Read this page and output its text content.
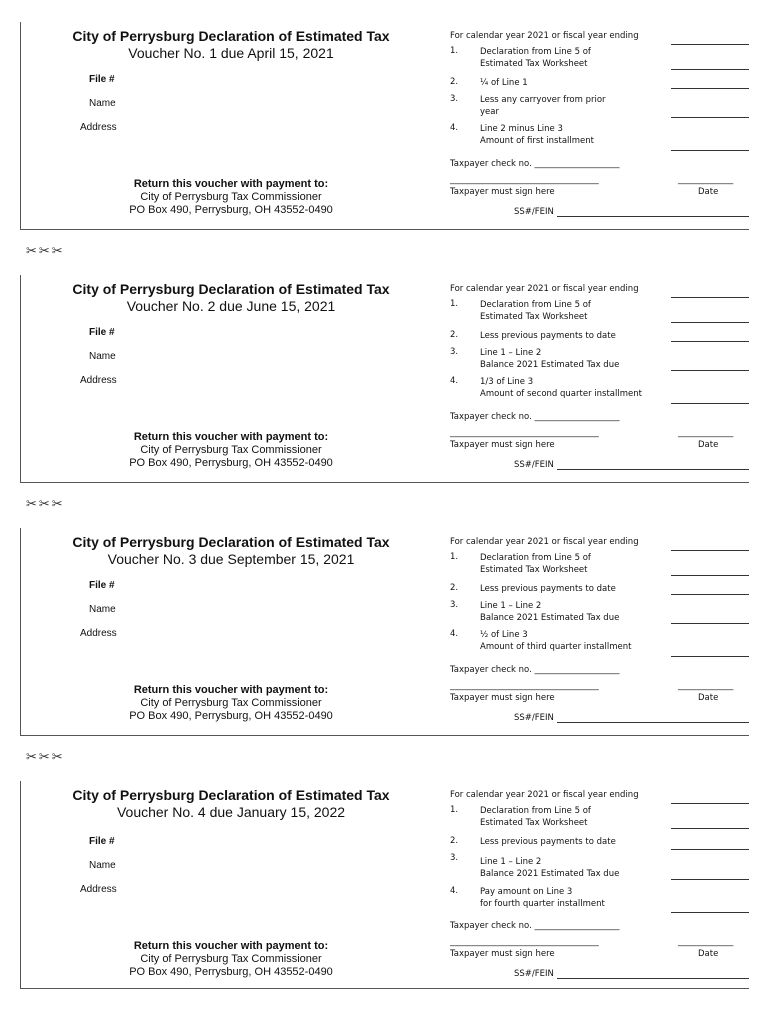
City of Perrysburg Declaration of Estimated Tax
Voucher No. 1 due April 15, 2021
File #
Name
Address
Return this voucher with payment to:
City of Perrysburg Tax Commissioner
PO Box 490, Perrysburg, OH 43552-0490
For calendar year 2021 or fiscal year ending
1.	Declaration from Line 5 of
Estimated Tax Worksheet
2.	¼ of Line 1
3.	Less any carryover from prior
year
4.	Line 2 minus Line 3
Amount of first installment
Taxpayer check no. ____________________
___________________________________	_____________
Taxpayer must sign here	Date
SS#/FEIN
✂✂✂
City of Perrysburg Declaration of Estimated Tax
Voucher No. 2 due June 15, 2021
File #
Name
Address
Return this voucher with payment to:
City of Perrysburg Tax Commissioner
PO Box 490, Perrysburg, OH 43552-0490
For calendar year 2021 or fiscal year ending
1.	Declaration from Line 5 of
Estimated Tax Worksheet
2.	Less previous payments to date
3.	Line 1 – Line 2
Balance 2021 Estimated Tax due
4.	1/3 of Line 3
Amount of second quarter installment
Taxpayer check no. ____________________
___________________________________	_____________
Taxpayer must sign here	Date
SS#/FEIN
✂✂✂
City of Perrysburg Declaration of Estimated Tax
Voucher No. 3 due September 15, 2021
File #
Name
Address
Return this voucher with payment to:
City of Perrysburg Tax Commissioner
PO Box 490, Perrysburg, OH 43552-0490
For calendar year 2021 or fiscal year ending
1.	Declaration from Line 5 of
Estimated Tax Worksheet
2.	Less previous payments to date
3.	Line 1 – Line 2
Balance 2021 Estimated Tax due
4.	½ of Line 3
Amount of third quarter installment
Taxpayer check no. ____________________
___________________________________	_____________
Taxpayer must sign here	Date
SS#/FEIN
✂✂✂
City of Perrysburg Declaration of Estimated Tax
Voucher No. 4 due January 15, 2022
File #
Name
Address
Return this voucher with payment to:
City of Perrysburg Tax Commissioner
PO Box 490, Perrysburg, OH 43552-0490
For calendar year 2021 or fiscal year ending
1.	Declaration from Line 5 of
Estimated Tax Worksheet
2.	Less previous payments to date
3.	Line 1 – Line 2
Balance 2021 Estimated Tax due
4.	Pay amount on Line 3
for fourth quarter installment
Taxpayer check no. ____________________
___________________________________	_____________
Taxpayer must sign here	Date
SS#/FEIN
